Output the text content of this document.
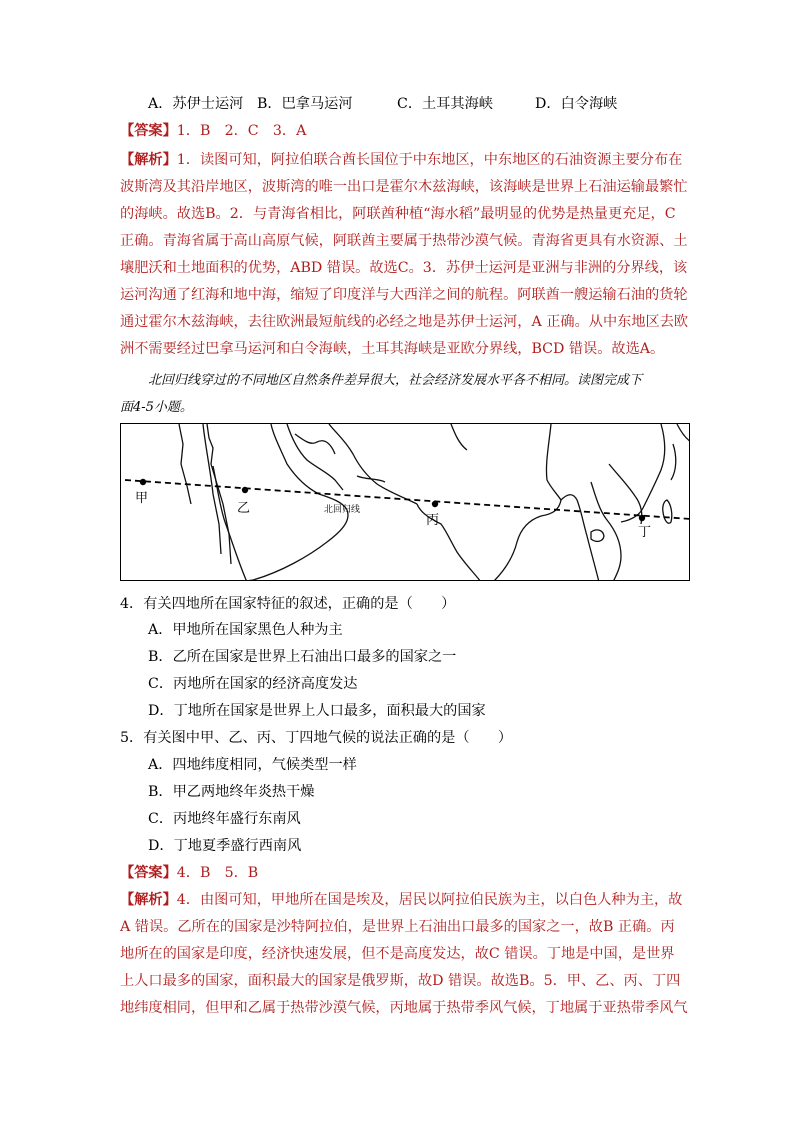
A．苏伊士运河 B．巴拿马运河	C．土耳其海峡	D．白令海峡
【答案】1．B　2．C　3．A
【解析】1．读图可知，阿拉伯联合酋长国位于中东地区，中东地区的石油资源主要分布在
波斯湾及其沿岸地区，波斯湾的唯一出口是霍尔木兹海峡，该海峡是世界上石油运输最繁忙
的海峡。故选B。2．与青海省相比，阿联酋种植“海水稻”最明显的优势是热量更充足，C
正确。青海省属于高山高原气候，阿联酋主要属于热带沙漠气候。青海省更具有水资源、土
壤肥沃和土地面积的优势，ABD 错误。故选C。3．苏伊士运河是亚洲与非洲的分界线，该
运河沟通了红海和地中海，缩短了印度洋与大西洋之间的航程。阿联酋一艘运输石油的货轮
通过霍尔木兹海峡，去往欧洲最短航线的必经之地是苏伊士运河，A 正确。从中东地区去欧
洲不需要经过巴拿马运河和白令海峡，土耳其海峡是亚欧分界线，BCD 错误。故选A。
北回归线穿过的不同地区自然条件差异很大，社会经济发展水平各不相同。读图完成下
面4-5小题。
甲
乙	北回归线
丙
丁
4．有关四地所在国家特征的叙述，正确的是（　　）
A．甲地所在国家黑色人种为主
B．乙所在国家是世界上石油出口最多的国家之一
C．丙地所在国家的经济高度发达
D．丁地所在国家是世界上人口最多，面积最大的国家
5．有关图中甲、乙、丙、丁四地气候的说法正确的是（　　）
A．四地纬度相同，气候类型一样
B．甲乙两地终年炎热干燥
C．丙地终年盛行东南风
D．丁地夏季盛行西南风
【答案】4．B　5．B
【解析】4．由图可知，甲地所在国是埃及，居民以阿拉伯民族为主，以白色人种为主，故
A 错误。乙所在的国家是沙特阿拉伯，是世界上石油出口最多的国家之一，故B 正确。丙
地所在的国家是印度，经济快速发展，但不是高度发达，故C 错误。丁地是中国，是世界
上人口最多的国家，面积最大的国家是俄罗斯，故D 错误。故选B。5．甲、乙、丙、丁四
地纬度相同，但甲和乙属于热带沙漠气候，丙地属于热带季风气候，丁地属于亚热带季风气
